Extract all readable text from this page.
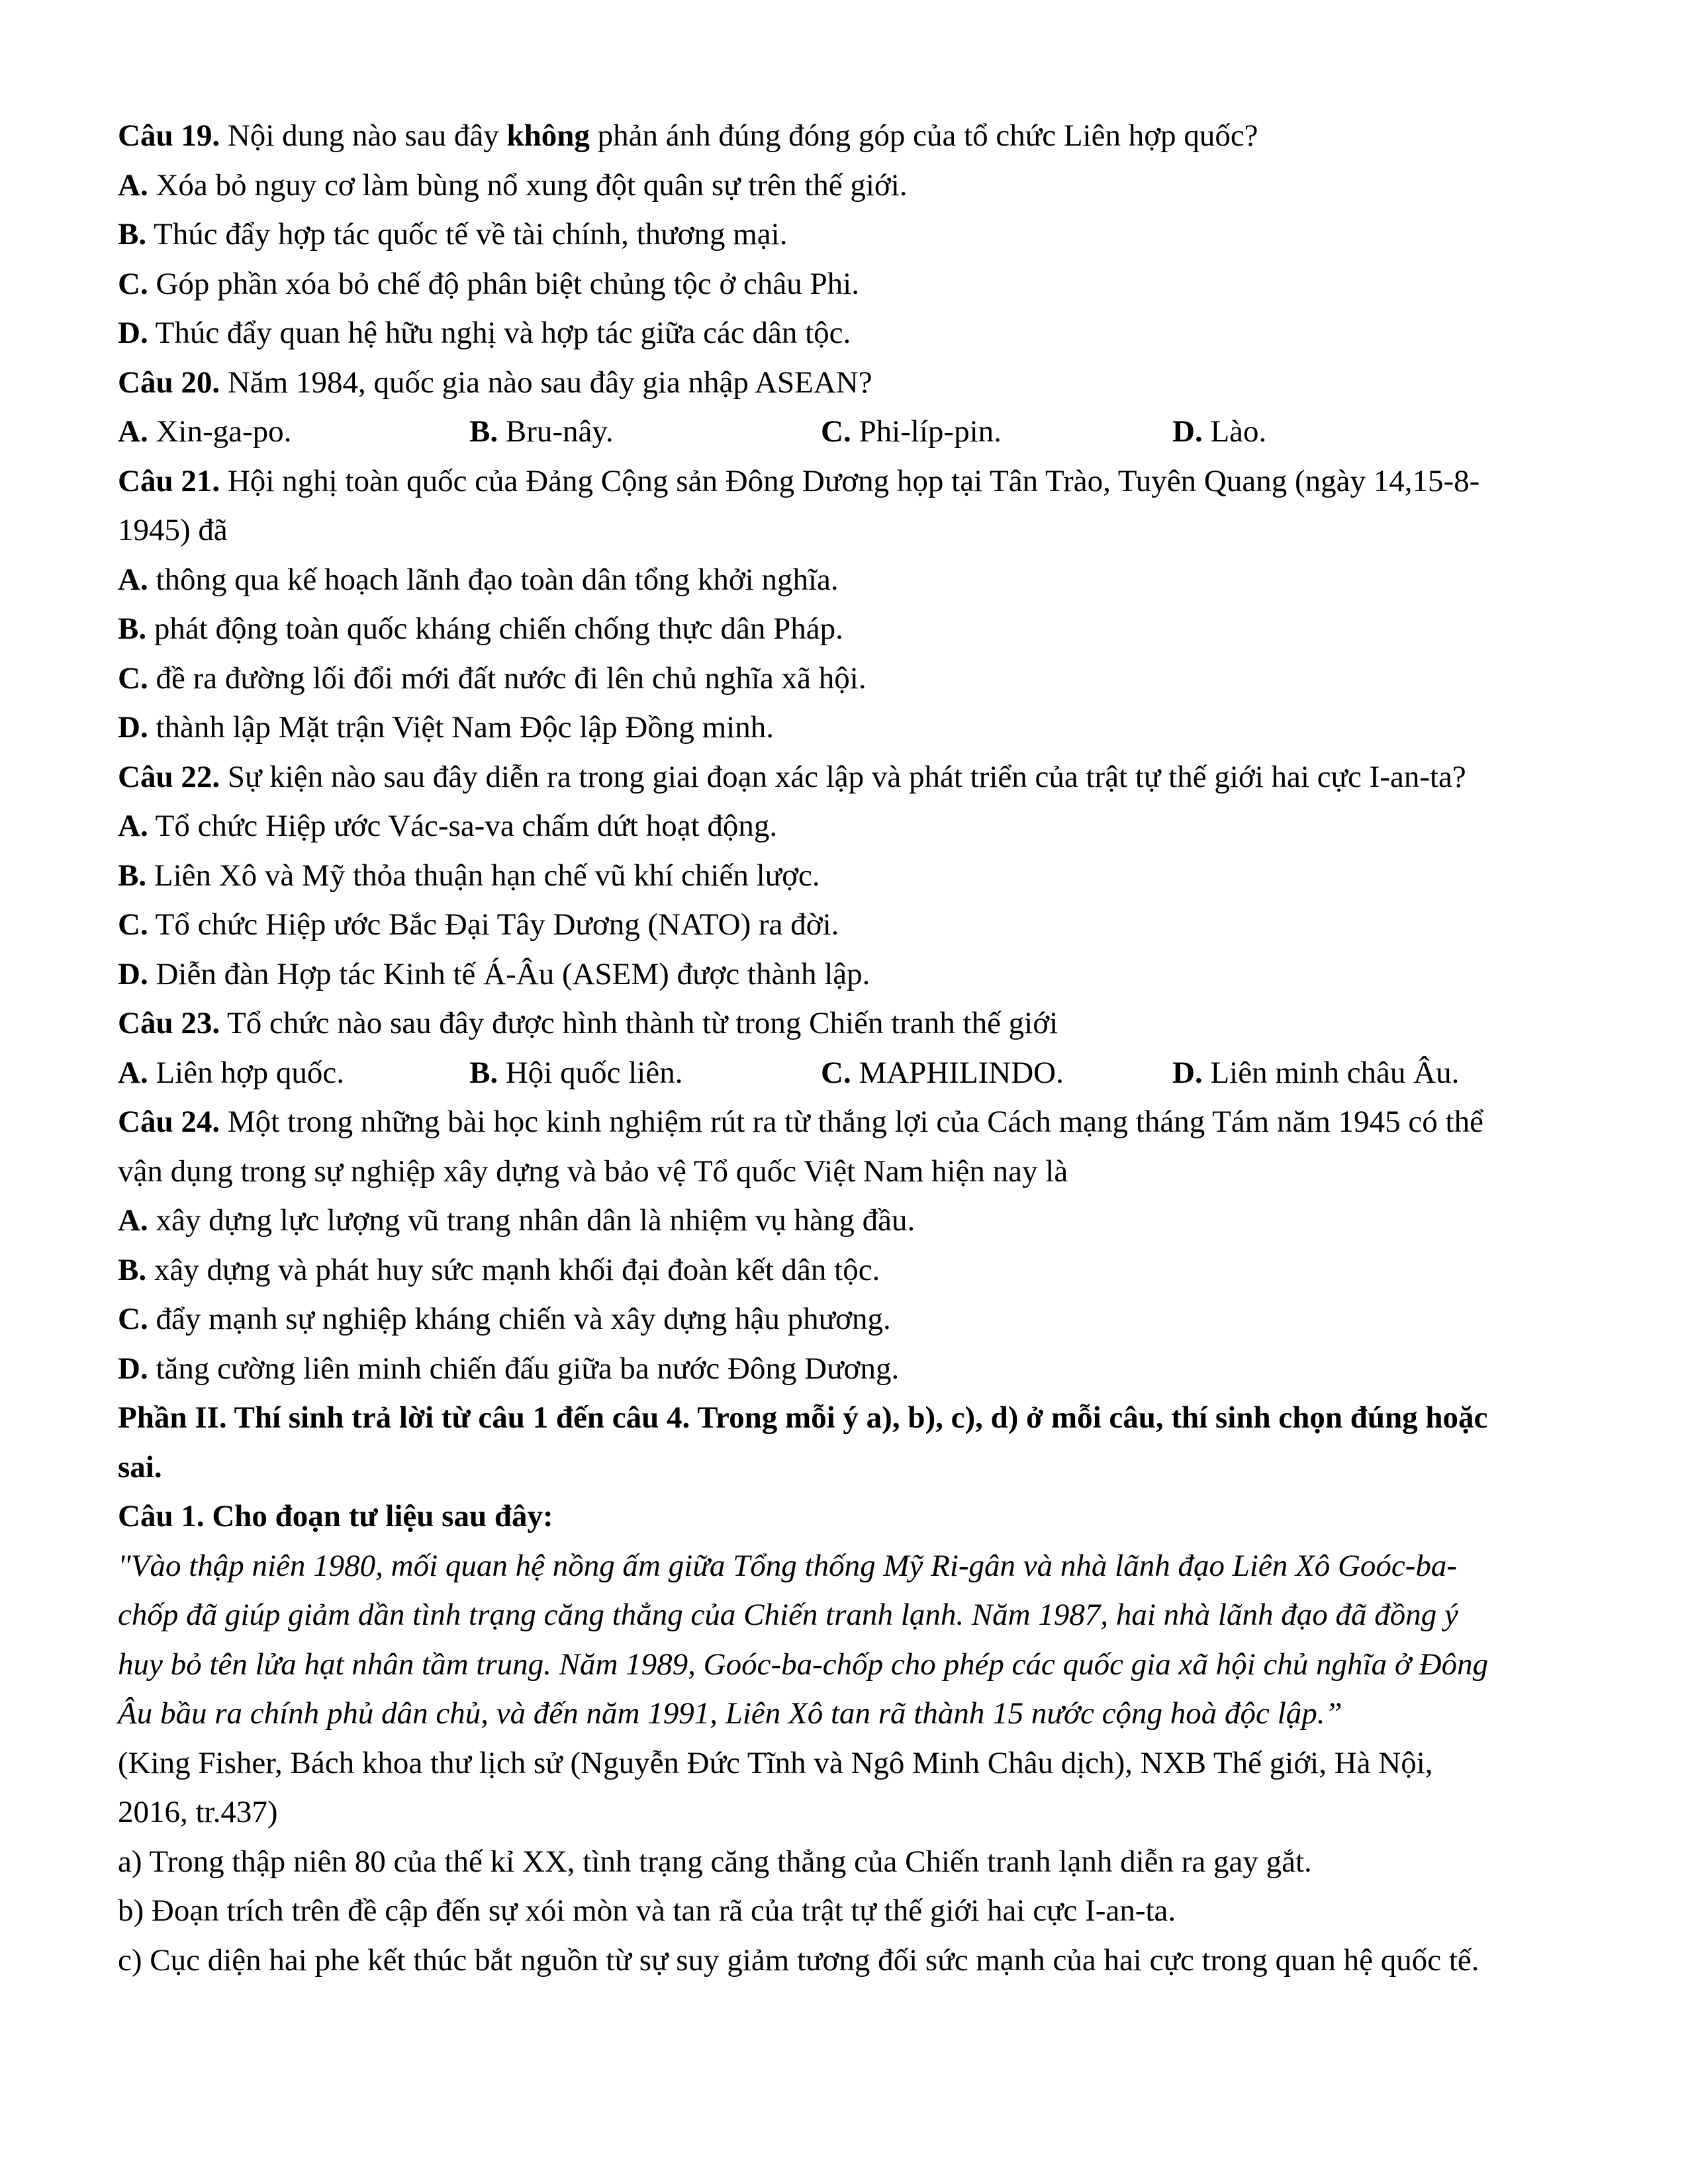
Câu 19. Nội dung nào sau đây không phản ánh đúng đóng góp của tổ chức Liên hợp quốc?
A. Xóa bỏ nguy cơ làm bùng nổ xung đột quân sự trên thế giới.
B. Thúc đẩy hợp tác quốc tế về tài chính, thương mại.
C. Góp phần xóa bỏ chế độ phân biệt chủng tộc ở châu Phi.
D. Thúc đẩy quan hệ hữu nghị và hợp tác giữa các dân tộc.
Câu 20. Năm 1984, quốc gia nào sau đây gia nhập ASEAN?
A. Xin-ga-po.	B. Bru-nây.	C. Phi-líp-pin.	D. Lào.
Câu 21. Hội nghị toàn quốc của Đảng Cộng sản Đông Dương họp tại Tân Trào, Tuyên Quang (ngày 14,15-8-
1945) đã
A. thông qua kế hoạch lãnh đạo toàn dân tổng khởi nghĩa.
B. phát động toàn quốc kháng chiến chống thực dân Pháp.
C. đề ra đường lối đổi mới đất nước đi lên chủ nghĩa xã hội.
D. thành lập Mặt trận Việt Nam Độc lập Đồng minh.
Câu 22. Sự kiện nào sau đây diễn ra trong giai đoạn xác lập và phát triển của trật tự thế giới hai cực I-an-ta?
A. Tổ chức Hiệp ước Vác-sa-va chấm dứt hoạt động.
B. Liên Xô và Mỹ thỏa thuận hạn chế vũ khí chiến lược.
C. Tổ chức Hiệp ước Bắc Đại Tây Dương (NATO) ra đời.
D. Diễn đàn Hợp tác Kinh tế Á-Âu (ASEM) được thành lập.
Câu 23. Tổ chức nào sau đây được hình thành từ trong Chiến tranh thế giới
A. Liên hợp quốc.	B. Hội quốc liên.	C. MAPHILINDO.	D. Liên minh châu Âu.
Câu 24. Một trong những bài học kinh nghiệm rút ra từ thắng lợi của Cách mạng tháng Tám năm 1945 có thể
vận dụng trong sự nghiệp xây dựng và bảo vệ Tổ quốc Việt Nam hiện nay là
A. xây dựng lực lượng vũ trang nhân dân là nhiệm vụ hàng đầu.
B. xây dựng và phát huy sức mạnh khối đại đoàn kết dân tộc.
C. đẩy mạnh sự nghiệp kháng chiến và xây dựng hậu phương.
D. tăng cường liên minh chiến đấu giữa ba nước Đông Dương.
Phần II. Thí sinh trả lời từ câu 1 đến câu 4. Trong mỗi ý a), b), c), d) ở mỗi câu, thí sinh chọn đúng hoặc
sai.
Câu 1. Cho đoạn tư liệu sau đây:
"Vào thập niên 1980, mối quan hệ nồng ấm giữa Tổng thống Mỹ Ri-gân và nhà lãnh đạo Liên Xô Goóc-ba-
chốp đã giúp giảm dần tình trạng căng thẳng của Chiến tranh lạnh. Năm 1987, hai nhà lãnh đạo đã đồng ý
huy bỏ tên lửa hạt nhân tầm trung. Năm 1989, Goóc-ba-chốp cho phép các quốc gia xã hội chủ nghĩa ở Đông
Âu bầu ra chính phủ dân chủ, và đến năm 1991, Liên Xô tan rã thành 15 nước cộng hoà độc lập.”
(King Fisher, Bách khoa thư lịch sử (Nguyễn Đức Tĩnh và Ngô Minh Châu dịch), NXB Thế giới, Hà Nội,
2016, tr.437)
a) Trong thập niên 80 của thế kỉ XX, tình trạng căng thẳng của Chiến tranh lạnh diễn ra gay gắt.
b) Đoạn trích trên đề cập đến sự xói mòn và tan rã của trật tự thế giới hai cực I-an-ta.
c) Cục diện hai phe kết thúc bắt nguồn từ sự suy giảm tương đối sức mạnh của hai cực trong quan hệ quốc tế.
